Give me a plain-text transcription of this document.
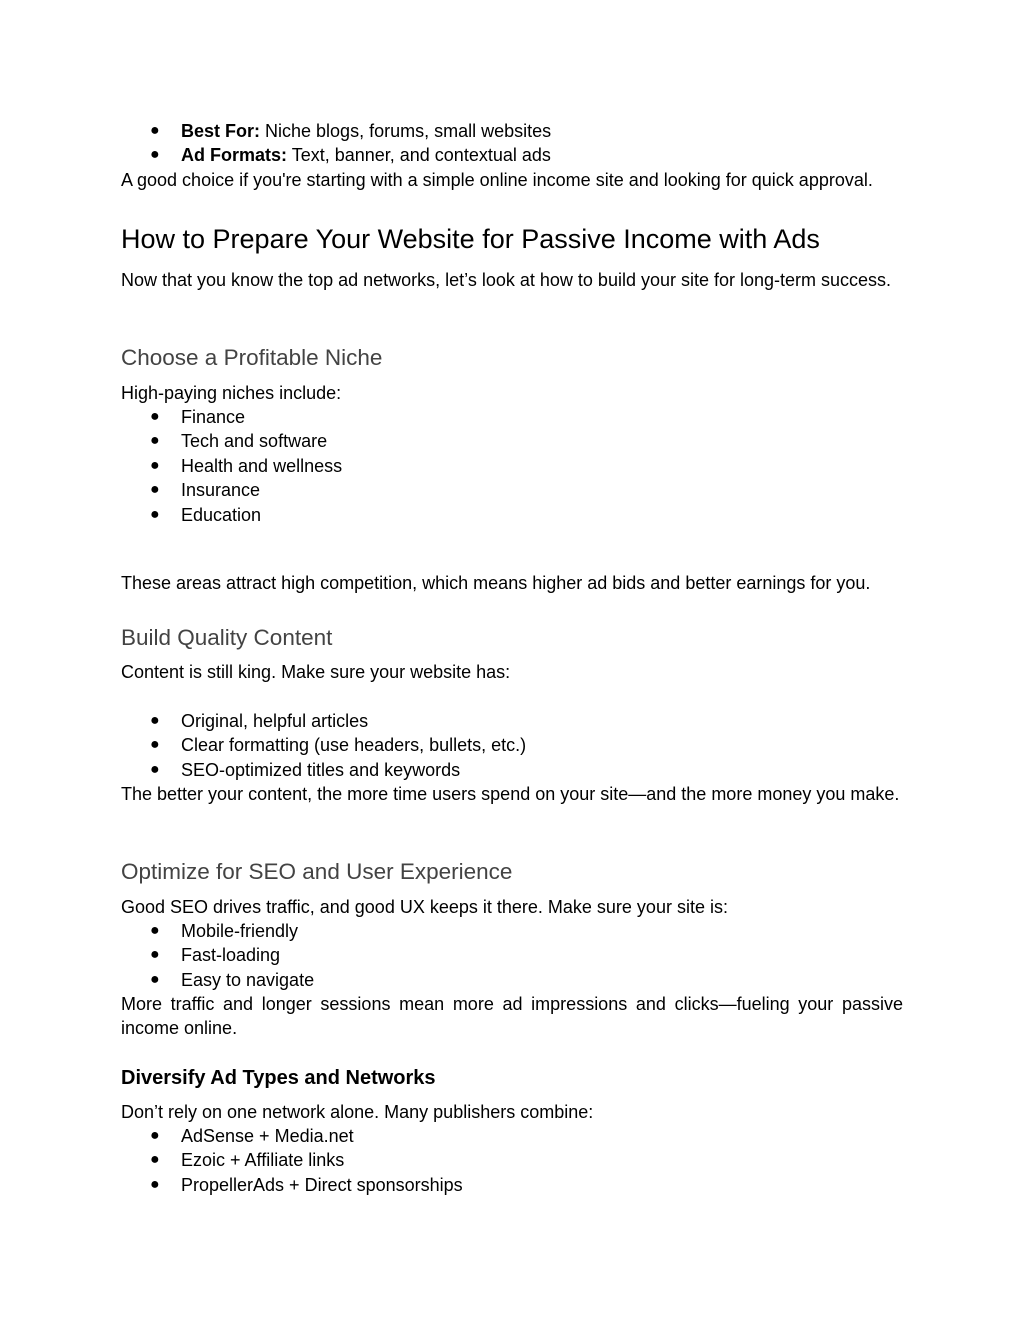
● Best For: Niche blogs, forums, small websites
● Ad Formats: Text, banner, and contextual ads

A good choice if you're starting with a simple online income site and looking for quick approval.

How to Prepare Your Website for Passive Income with Ads

Now that you know the top ad networks, let’s look at how to build your site for long-term success.

Choose a Profitable Niche

High-paying niches include:

● Finance
● Tech and software
● Health and wellness
● Insurance
● Education

These areas attract high competition, which means higher ad bids and better earnings for you.

Build Quality Content

Content is still king. Make sure your website has:

● Original, helpful articles
● Clear formatting (use headers, bullets, etc.)
● SEO-optimized titles and keywords

The better your content, the more time users spend on your site—and the more money you make.

Optimize for SEO and User Experience

Good SEO drives traffic, and good UX keeps it there. Make sure your site is:

● Mobile-friendly
● Fast-loading
● Easy to navigate

More traffic and longer sessions mean more ad impressions and clicks—fueling your passive income online.

Diversify Ad Types and Networks

Don’t rely on one network alone. Many publishers combine:

● AdSense + Media.net
● Ezoic + Affiliate links
● PropellerAds + Direct sponsorships
